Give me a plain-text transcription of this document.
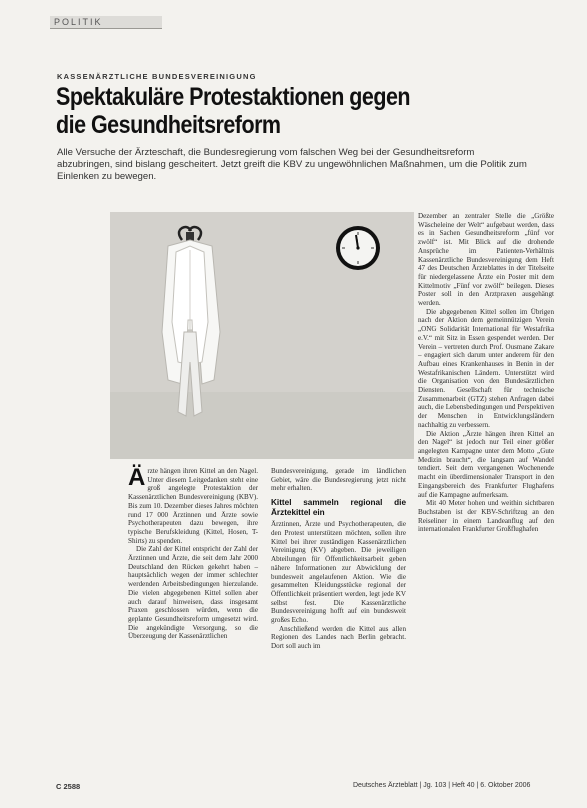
POLITIK
KASSENÄRZTLICHE BUNDESVEREINIGUNG
Spektakuläre Protestaktionen gegen die Gesundheitsreform
Alle Versuche der Ärzteschaft, die Bundesregierung vom falschen Weg bei der Gesundheitsreform abzubringen, sind bislang gescheitert. Jetzt greift die KBV zu ungewöhnlichen Maßnahmen, um die Politik zum Einlenken zu bewegen.
Ä rzte hängen ihren Kittel an den Nagel. Unter diesem Leitgedanken steht eine groß angelegte Protestaktion der Kassenärztlichen Bundesvereinigung (KBV). Bis zum 10. Dezember dieses Jahres möchten rund 17 000 Ärztinnen und Ärzte sowie Psychotherapeuten dazu bewegen, ihre typische Berufskleidung (Kittel, Hosen, T-Shirts) zu spenden.

Die Zahl der Kittel entspricht der Zahl der Ärztinnen und Ärzte, die seit dem Jahr 2000 Deutschland den Rücken gekehrt haben – hauptsächlich wegen der immer schlechter werdenden Arbeitsbedingungen hierzulande. Die vielen abgegebenen Kittel sollen aber auch darauf hinweisen, dass insgesamt Praxen geschlossen würden, wenn die geplante Gesundheitsreform umgesetzt wird. Die angekündigte Versorgung, so die Überzeugung der Kassenärztlichen

Bundesvereinigung, gerade im ländlichen Gebiet, wäre die Bundesregierung jetzt nicht mehr erhalten.

Kittel sammeln regional die Ärztekittel ein

Ärztinnen, Ärzte und Psychotherapeuten, die den Protest unterstützen möchten, sollen ihre Kittel bei ihrer zuständigen Kassenärztlichen Vereinigung (KV) abgeben. Die jeweiligen Abteilungen für Öffentlichkeitsarbeit geben nähere Informationen zur Abwicklung der bundesweit angelaufenen Aktion. Wie die gesammelten Kleidungsstücke regional der Öffentlichkeit präsentiert werden, legt jede KV selbst fest. Die Kassenärztliche Bundesvereinigung hofft auf ein bundesweit großes Echo.

Anschließend werden die Kittel aus allen Regionen des Landes nach Berlin gebracht. Dort soll auch im

Dezember an zentraler Stelle die „Größte Wäscheleine der Welt“ aufgebaut werden, dass es in Sachen Gesundheitsreform „fünf vor zwölf“ ist. Mit Blick auf die drohende Ansprüche im Patienten-Verhältnis Kassenärztliche Bundesvereinigung dem Heft 47 des Deutschen Ärzteblattes in der Titelseite für niedergelassene Ärzte ein Poster mit dem Kittelmotiv „Fünf vor zwölf“ beilegen. Dieses Poster soll in den Arztpraxen ausgehängt werden.

Die abgegebenen Kittel sollen im Übrigen nach der Aktion dem gemeinnützigen Verein „ONG Solidarität International für Westafrika e.V.“ mit Sitz in Essen gespendet werden. Der Verein – vertreten durch Prof. Ousmane Zakare – engagiert sich darum unter anderem für den Aufbau eines Krankenhauses in Benin in der Westafrikanischen Ländern. Unterstützt wird die Organisation von den Bundesärztlichen Diensten. Gesellschaft für technische Zusammenarbeit (GTZ) stehen Anfragen dabei auch, die Lebensbedingungen und Perspektiven der Menschen in Entwicklungsländern nachhaltig zu verbessern.

Die Aktion „Ärzte hängen ihren Kittel an den Nagel“ ist jedoch nur Teil einer größer angelegten Kampagne unter dem Motto „Gute Medizin braucht“, die langsam auf Wandel tendiert. Seit dem vergangenen Wochenende macht ein überdimensionaler Transport in den Eingangsbereich des Frankfurter Flughafens auf die Kampagne aufmerksam.

Mit 40 Meter hohen und weithin sichtbaren Buchstaben ist der KBV-Schriftzug an den Reiseliner in einem Landeanflug auf den internationalen Frankfurter Großflughafen

C 2588	Deutsches Ärzteblatt | Jg. 103 | Heft 40 | 6. Oktober 2006
